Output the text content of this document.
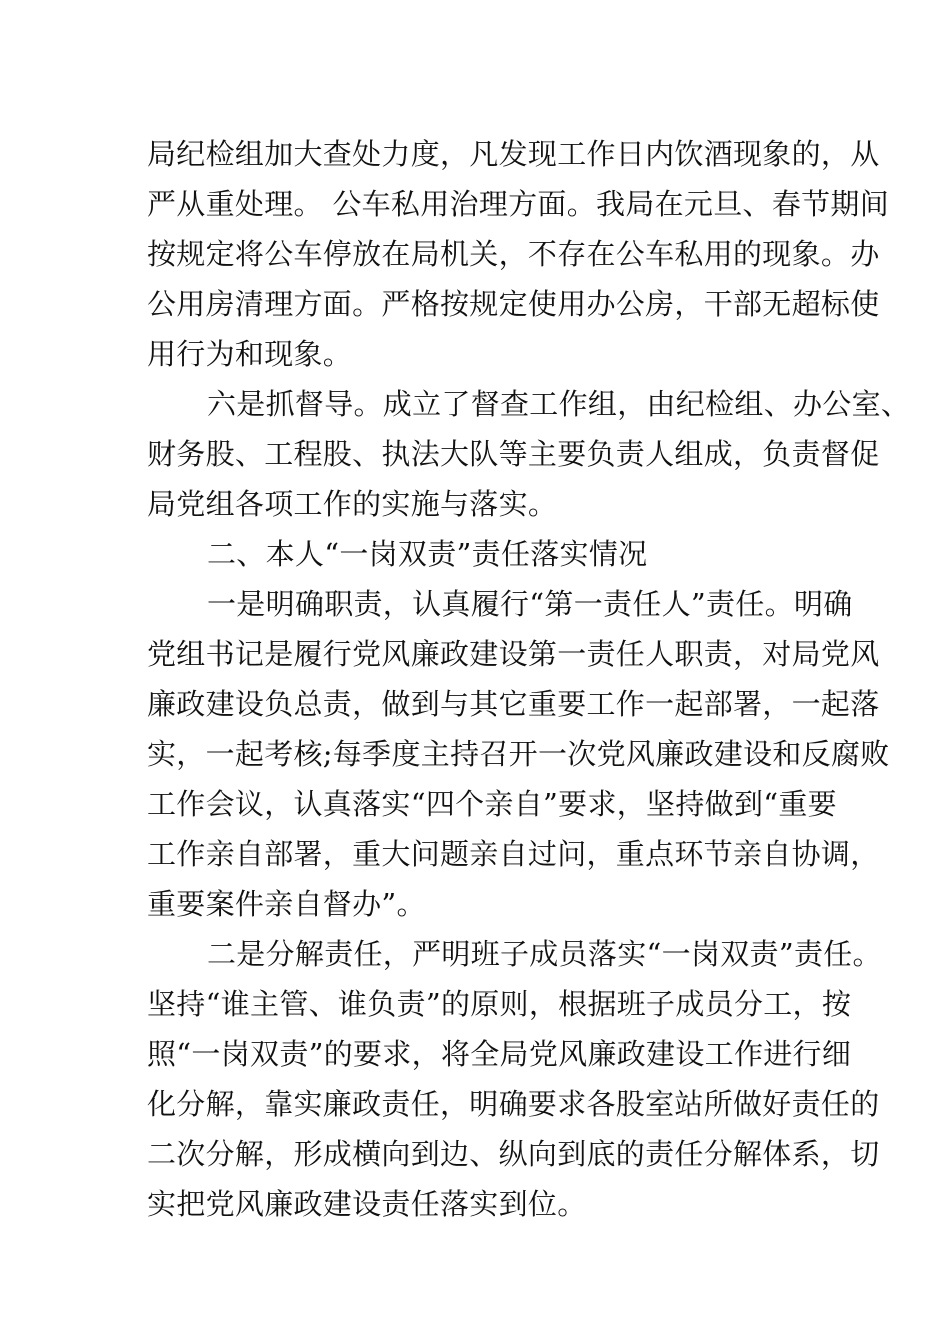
局纪检组加大查处力度，凡发现工作日内饮酒现象的，从
严从重处理。 公车私用治理方面。我局在元旦、春节期间
按规定将公车停放在局机关，不存在公车私用的现象。办
公用房清理方面。严格按规定使用办公房，干部无超标使
用行为和现象。
六是抓督导。成立了督查工作组，由纪检组、办公室、
财务股、工程股、执法大队等主要负责人组成，负责督促
局党组各项工作的实施与落实。
二、本人“一岗双责”责任落实情况
一是明确职责，认真履行“第一责任人”责任。明确
党组书记是履行党风廉政建设第一责任人职责，对局党风
廉政建设负总责，做到与其它重要工作一起部署，一起落
实，一起考核;每季度主持召开一次党风廉政建设和反腐败
工作会议，认真落实“四个亲自”要求，坚持做到“重要
工作亲自部署，重大问题亲自过问，重点环节亲自协调，
重要案件亲自督办”。
二是分解责任，严明班子成员落实“一岗双责”责任。
坚持“谁主管、谁负责”的原则，根据班子成员分工，按
照“一岗双责”的要求，将全局党风廉政建设工作进行细
化分解，靠实廉政责任，明确要求各股室站所做好责任的
二次分解，形成横向到边、纵向到底的责任分解体系，切
实把党风廉政建设责任落实到位。
